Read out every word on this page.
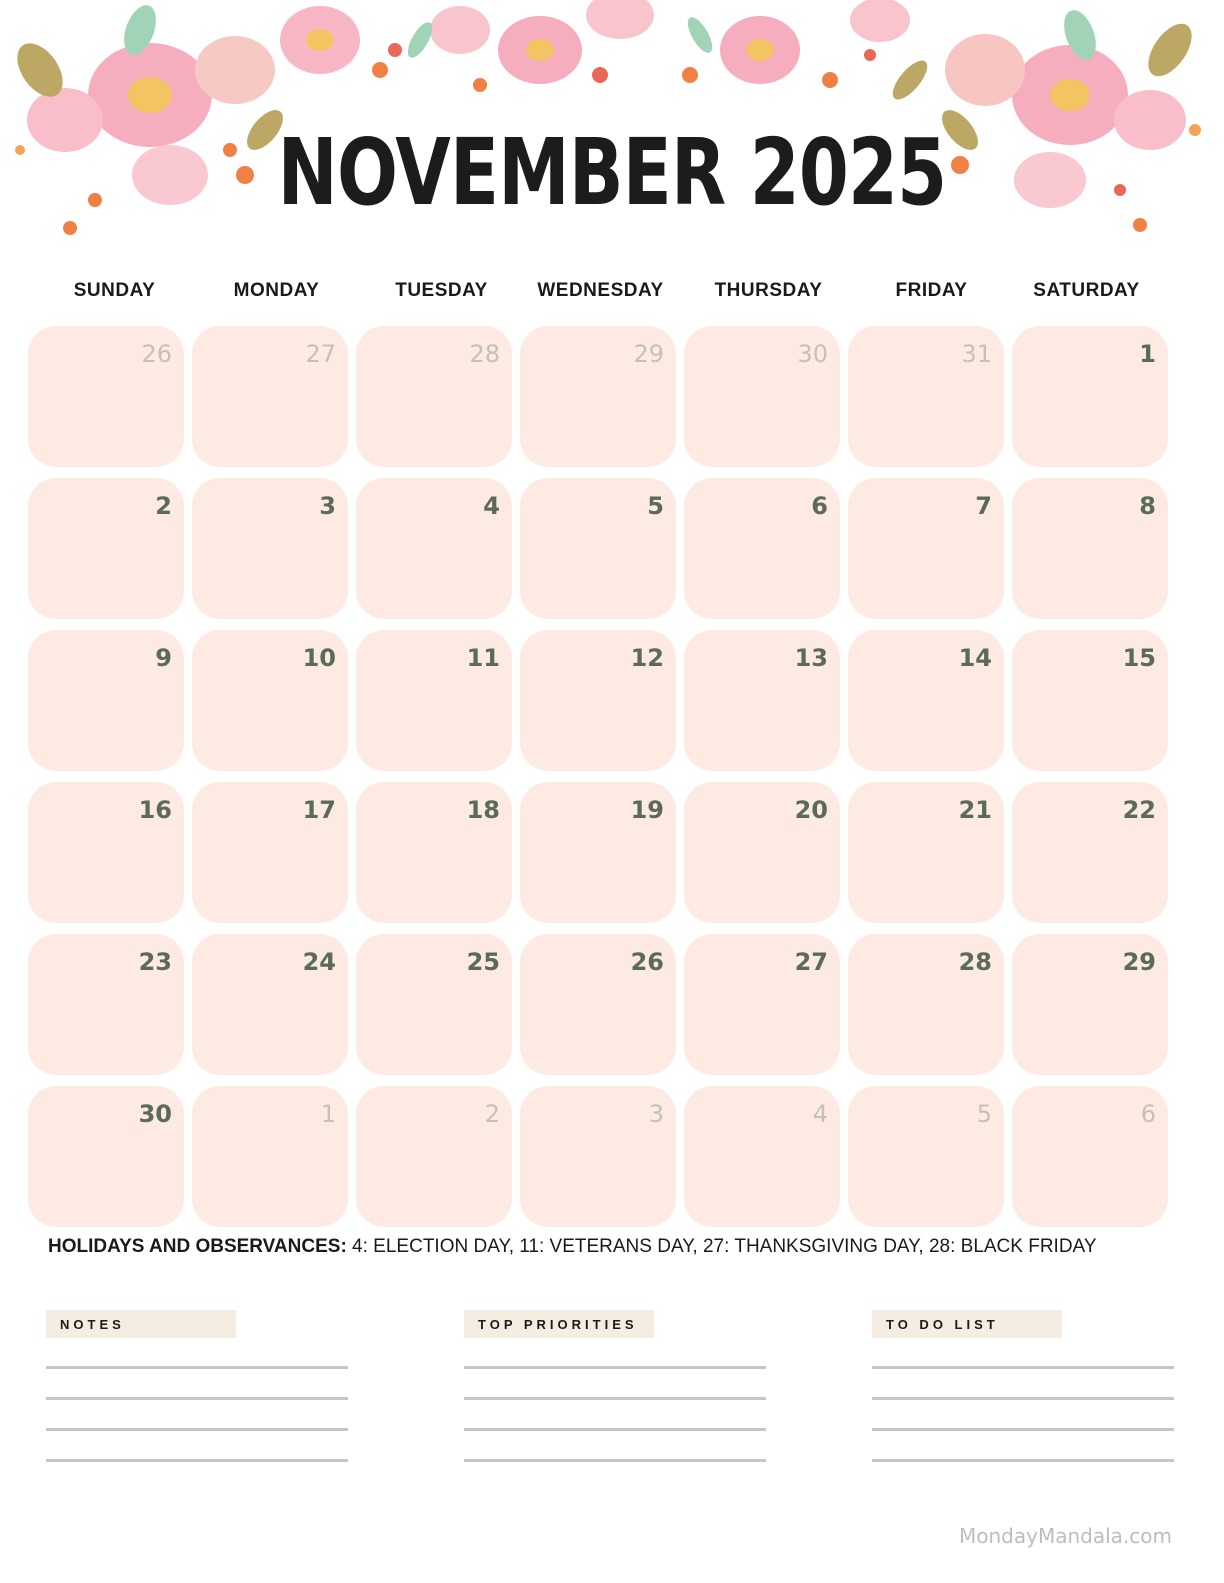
NOVEMBER 2025
SUNDAY	MONDAY	TUESDAY	WEDNESDAY	THURSDAY	FRIDAY	SATURDAY
26	27	28	29	30	31	1
2	3	4	5	6	7	8
9	10	11	12	13	14	15
16	17	18	19	20	21	22
23	24	25	26	27	28	29
30	1	2	3	4	5	6
HOLIDAYS AND OBSERVANCES: 4: ELECTION DAY, 11: VETERANS DAY, 27: THANKSGIVING DAY, 28: BLACK FRIDAY
NOTES	TOP PRIORITIES	TO DO LIST
MondayMandala.com
